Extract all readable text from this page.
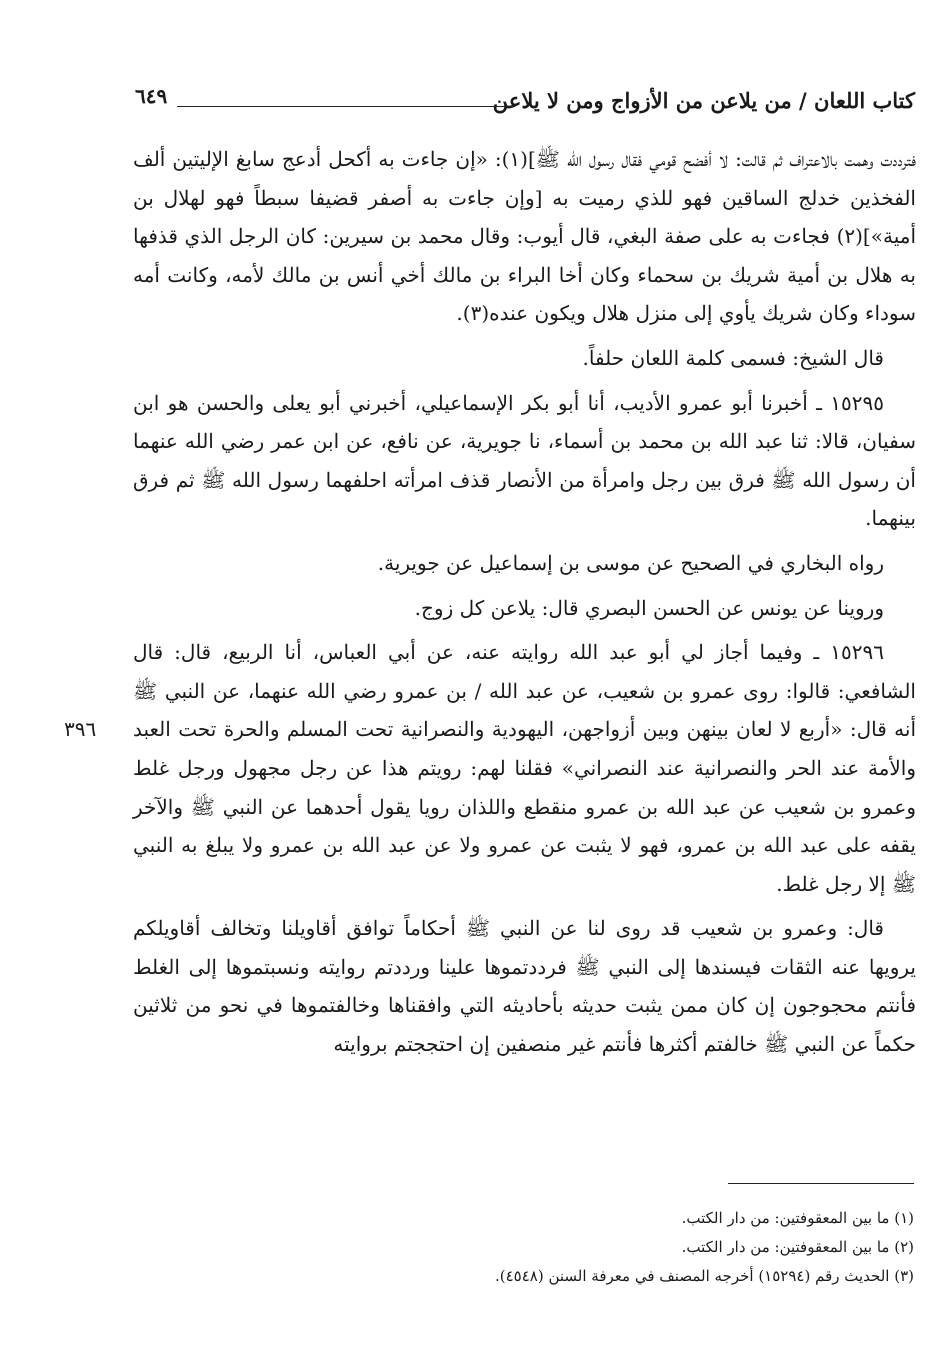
كتاب اللعان / من يلاعن من الأزواج ومن لا يلاعن
٦٤٩

فترددت وهمت بالاعتراف ثم قالت: لا أفضح قومي فقال رسول الله ﷺ](١): «إن جاءت به أكحل أدعج سابغ الإليتين ألف الفخذين خدلج الساقين فهو للذي رميت به [وإن جاءت به أصفر قضيفا سبطاً فهو لهلال بن أمية»](٢) فجاءت به على صفة البغي، قال أيوب: وقال محمد بن سيرين: كان الرجل الذي قذفها به هلال بن أمية شريك بن سحماء وكان أخا البراء بن مالك أخي أنس بن مالك لأمه، وكانت أمه سوداء وكان شريك يأوي إلى منزل هلال ويكون عنده(٣).

قال الشيخ: فسمى كلمة اللعان حلفاً.

١٥٢٩٥ ـ أخبرنا أبو عمرو الأديب، أنا أبو بكر الإسماعيلي، أخبرني أبو يعلى والحسن هو ابن سفيان، قالا: ثنا عبد الله بن محمد بن أسماء، نا جويرية، عن نافع، عن ابن عمر رضي الله عنهما أن رسول الله ﷺ فرق بين رجل وامرأة من الأنصار قذف امرأته احلفهما رسول الله ﷺ ثم فرق بينهما.

رواه البخاري في الصحيح عن موسى بن إسماعيل عن جويرية.

وروينا عن يونس عن الحسن البصري قال: يلاعن كل زوج.

١٥٢٩٦ ـ وفيما أجاز لي أبو عبد الله روايته عنه، عن أبي العباس، أنا الربيع، قال: قال الشافعي: قالوا: روى عمرو بن شعيب، عن عبد الله / بن عمرو رضي الله عنهما، عن النبي ﷺ أنه قال: «أربع لا لعان بينهن وبين أزواجهن، اليهودية والنصرانية تحت المسلم والحرة تحت العبد والأمة عند الحر والنصرانية عند النصراني» فقلنا لهم: رويتم هذا عن رجل مجهول ورجل غلط وعمرو بن شعيب عن عبد الله بن عمرو منقطع واللذان رويا يقول أحدهما عن النبي ﷺ والآخر يقفه على عبد الله بن عمرو، فهو لا يثبت عن عمرو ولا عن عبد الله بن عمرو ولا يبلغ به النبي ﷺ إلا رجل غلط.

قال: وعمرو بن شعيب قد روى لنا عن النبي ﷺ أحكاماً توافق أقاويلنا وتخالف أقاويلكم يرويها عنه الثقات فيسندها إلى النبي ﷺ فرددتموها علينا ورددتم روايته ونسبتموها إلى الغلط فأنتم محجوجون إن كان ممن يثبت حديثه بأحاديثه التي وافقناها وخالفتموها في نحو من ثلاثين حكماً عن النبي ﷺ خالفتم أكثرها فأنتم غير منصفين إن احتججتم بروايته

٣٩٦
(١) ما بين المعقوفتين: من دار الكتب.
(٢) ما بين المعقوفتين: من دار الكتب.
(٣) الحديث رقم (١٥٢٩٤) أخرجه المصنف في معرفة السنن (٤٥٤٨).
